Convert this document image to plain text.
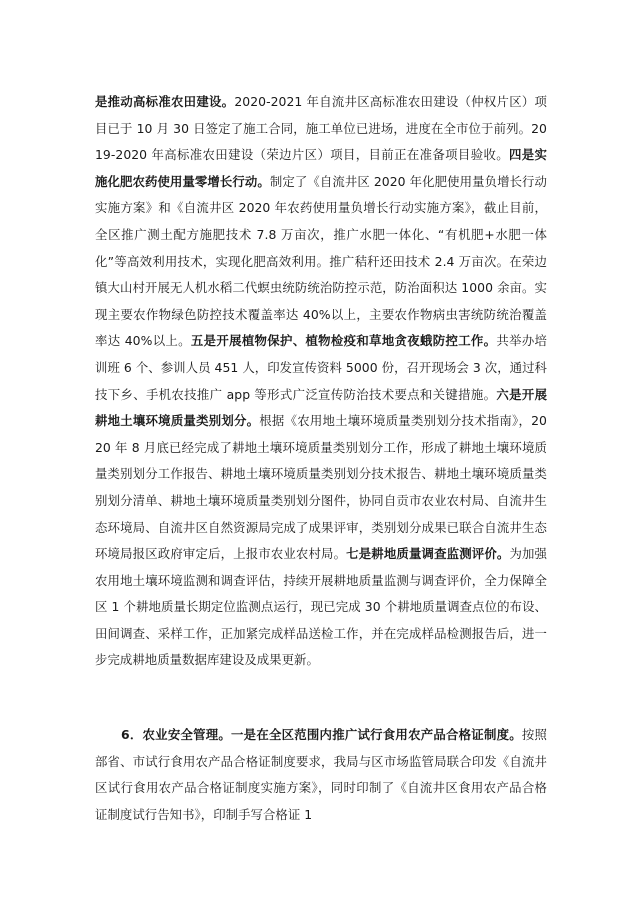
是推动高标准农田建设。2020-2021 年自流井区高标准农田建设（仲权片区）项目已于 10 月 30 日签定了施工合同，施工单位已进场，进度在全市位于前列。2019-2020 年高标准农田建设（荣边片区）项目，目前正在准备项目验收。四是实施化肥农药使用量零增长行动。制定了《自流井区 2020 年化肥使用量负增长行动实施方案》和《自流井区 2020 年农药使用量负增长行动实施方案》，截止目前，全区推广测土配方施肥技术 7.8 万亩次，推广水肥一体化、“有机肥+水肥一体化”等高效利用技术，实现化肥高效利用。推广秸秆还田技术 2.4 万亩次。在荣边镇大山村开展无人机水稻二代螟虫统防统治防控示范，防治面积达 1000 余亩。实现主要农作物绿色防控技术覆盖率达 40%以上，主要农作物病虫害统防统治覆盖率达 40%以上。五是开展植物保护、植物检疫和草地贪夜蛾防控工作。共举办培训班 6 个、参训人员 451 人，印发宣传资料 5000 份，召开现场会 3 次，通过科技下乡、手机农技推广 app 等形式广泛宣传防治技术要点和关键措施。六是开展耕地土壤环境质量类别划分。根据《农用地土壤环境质量类别划分技术指南》，2020 年 8 月底已经完成了耕地土壤环境质量类别划分工作，形成了耕地土壤环境质量类别划分工作报告、耕地土壤环境质量类别划分技术报告、耕地土壤环境质量类别划分清单、耕地土壤环境质量类别划分图件，协同自贡市农业农村局、自流井生态环境局、自流井区自然资源局完成了成果评审，类别划分成果已联合自流井生态环境局报区政府审定后，上报市农业农村局。七是耕地质量调查监测评价。为加强农用地土壤环境监测和调查评估，持续开展耕地质量监测与调查评价，全力保障全区 1 个耕地质量长期定位监测点运行，现已完成 30 个耕地质量调查点位的布设、田间调查、采样工作，正加紧完成样品送检工作，并在完成样品检测报告后，进一步完成耕地质量数据库建设及成果更新。

6．农业安全管理。一是在全区范围内推广试行食用农产品合格证制度。按照部省、市试行食用农产品合格证制度要求，我局与区市场监管局联合印发《自流井区试行食用农产品合格证制度实施方案》，同时印制了《自流井区食用农产品合格证制度试行告知书》，印制手写合格证 1
